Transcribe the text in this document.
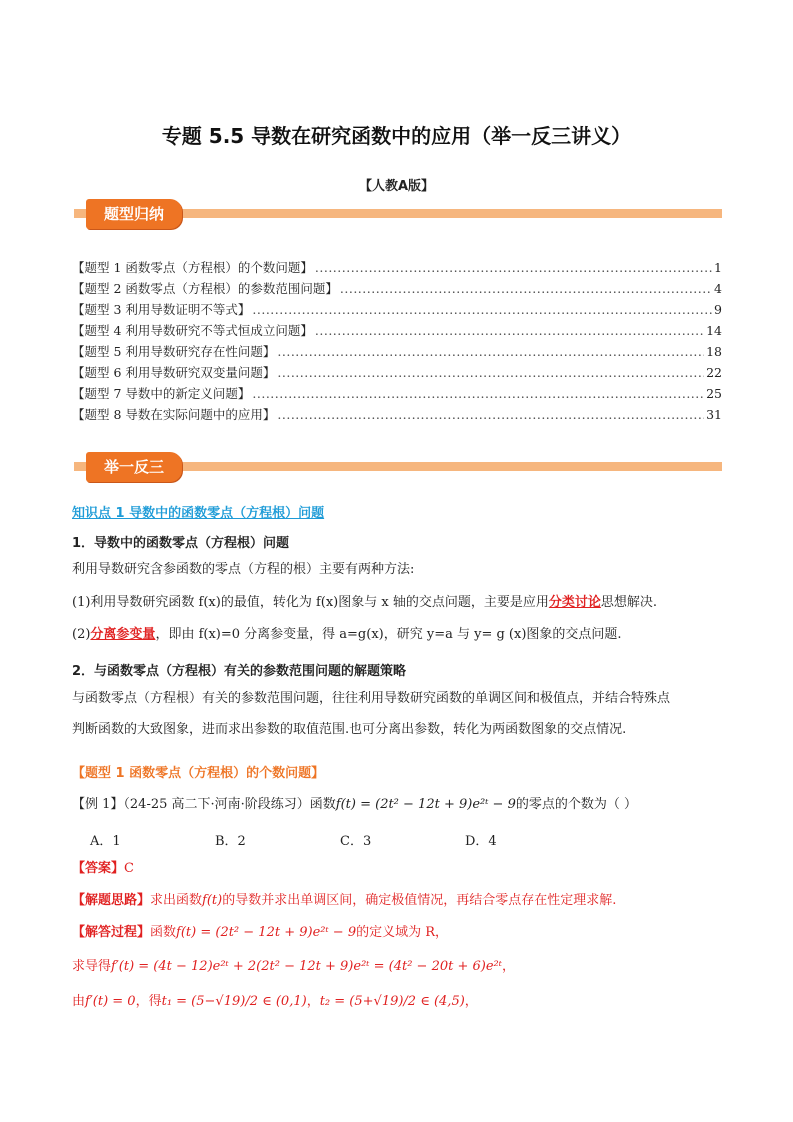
专题 5.5 导数在研究函数中的应用（举一反三讲义）
【人教A版】
题型归纳
【题型 1 函数零点（方程根）的个数问题】 .....	1
【题型 2 函数零点（方程根）的参数范围问题】 .....	4
【题型 3 利用导数证明不等式】 .....	9
【题型 4 利用导数研究不等式恒成立问题】 .....	14
【题型 5 利用导数研究存在性问题】 .....	18
【题型 6 利用导数研究双变量问题】 .....	22
【题型 7 导数中的新定义问题】 .....	25
【题型 8 导数在实际问题中的应用】 .....	31
举一反三
知识点 1 导数中的函数零点（方程根）问题
1．导数中的函数零点（方程根）问题
利用导数研究含参函数的零点（方程的根）主要有两种方法:
(1)利用导数研究函数 f(x)的最值，转化为 f(x)图象与 x 轴的交点问题，主要是应用分类讨论思想解决.
(2)分离参变量，即由 f(x)=0 分离参变量，得 a=g(x)，研究 y=a 与 y= g (x)图象的交点问题.
2．与函数零点（方程根）有关的参数范围问题的解题策略
与函数零点（方程根）有关的参数范围问题，往往利用导数研究函数的单调区间和极值点，并结合特殊点
判断函数的大致图象，进而求出参数的取值范围.也可分离出参数，转化为两函数图象的交点情况.
【题型 1 函数零点（方程根）的个数问题】
【例 1】（24-25 高二下·河南·阶段练习）函数f(t) = (2t² − 12t + 9)e²ᵗ − 9的零点的个数为（ ）
A．1	B．2	C．3	D．4
【答案】C
【解题思路】求出函数f(t)的导数并求出单调区间，确定极值情况，再结合零点存在性定理求解.
【解答过程】函数f(t) = (2t² − 12t + 9)e²ᵗ − 9的定义域为 R，
求导得f′(t) = (4t − 12)e²ᵗ + 2(2t² − 12t + 9)e²ᵗ = (4t² − 20t + 6)e²ᵗ，
由f′(t) = 0，得t₁ = (5−√19)/2 ∈ (0,1)，t₂ = (5+√19)/2 ∈ (4,5)，
